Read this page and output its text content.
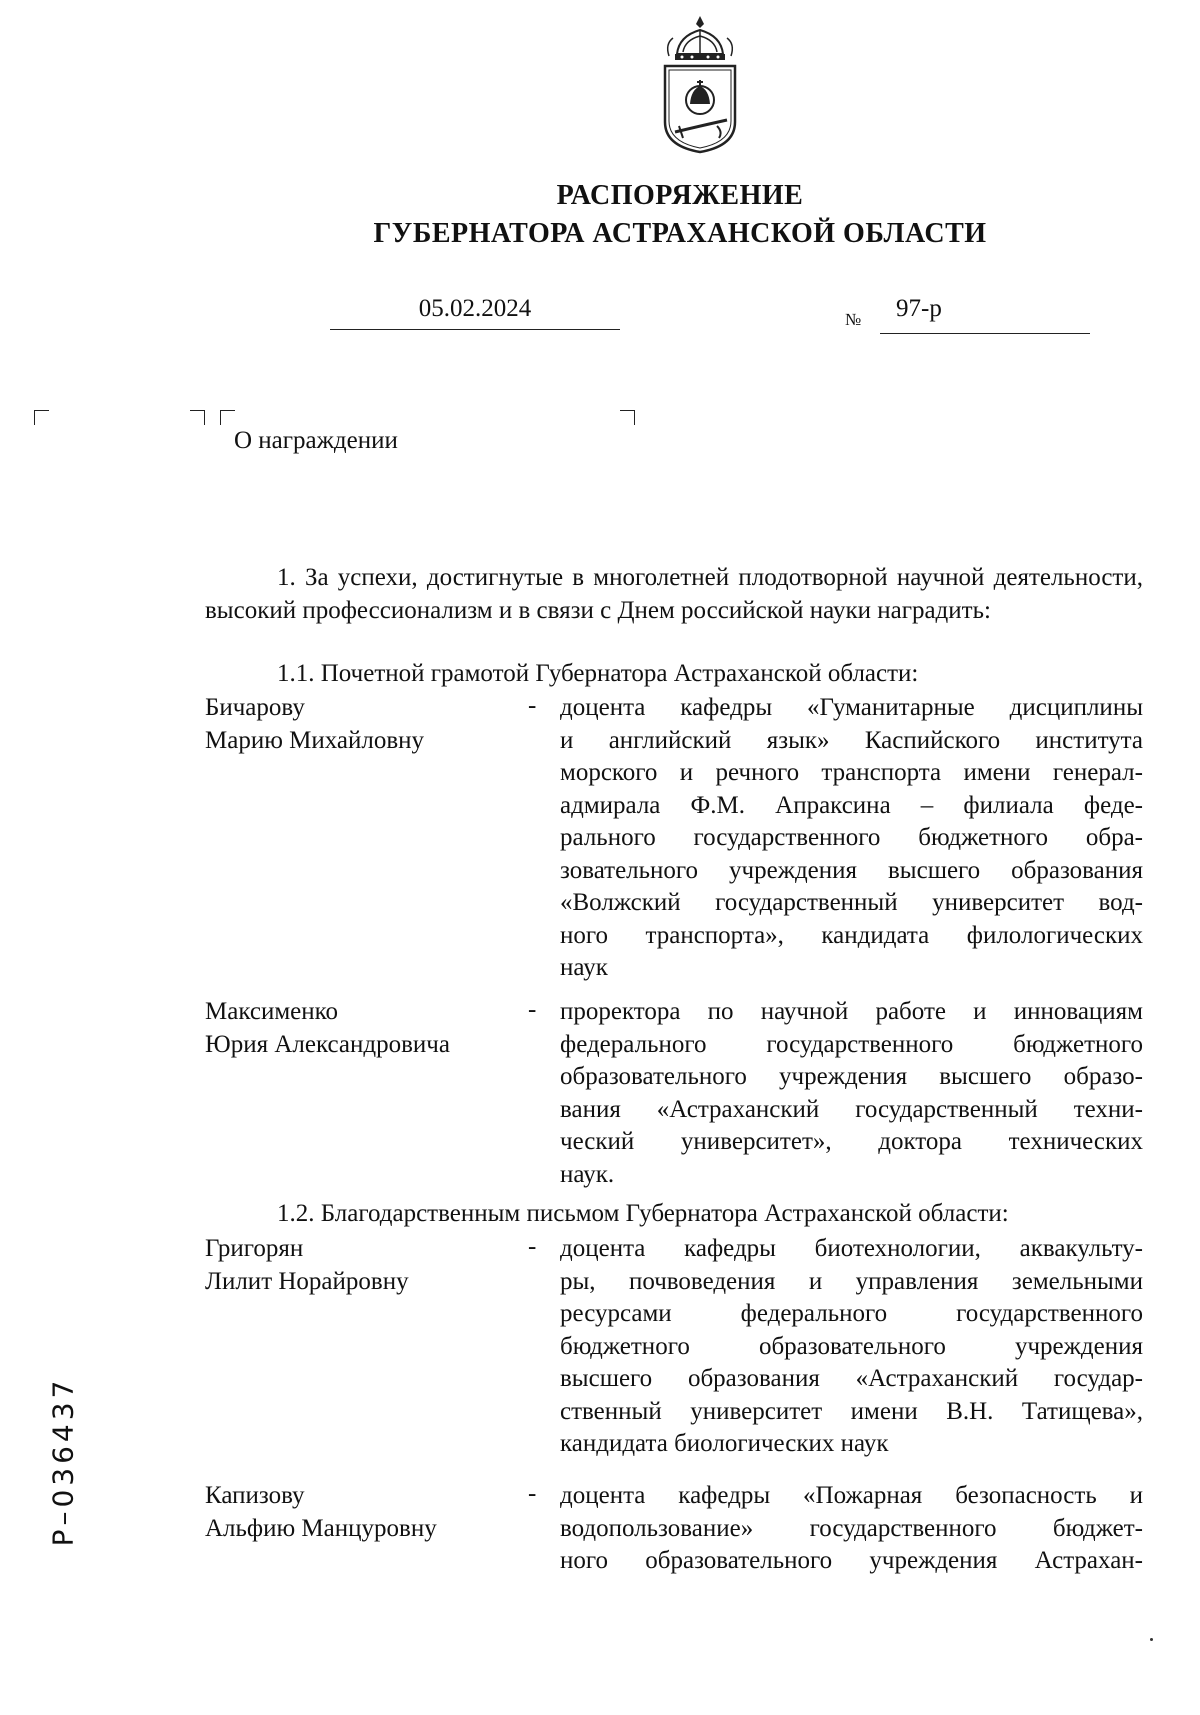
РАСПОРЯЖЕНИЕ
ГУБЕРНАТОРА АСТРАХАНСКОЙ ОБЛАСТИ
05.02.2024	№	97-р
О награждении
1. За успехи, достигнутые в многолетней плодотворной научной деятельности, высокий профессионализм и в связи с Днем российской науки наградить:
1.1. Почетной грамотой Губернатора Астраханской области:
Бичарову
Марию Михайловну
- доцента кафедры «Гуманитарные дисциплины
и английский язык» Каспийского института
морского и речного транспорта имени генерал-
адмирала Ф.М. Апраксина – филиала феде-
рального государственного бюджетного обра-
зовательного учреждения высшего образования
«Волжский государственный университет вод-
ного транспорта», кандидата филологических
наук
Максименко
Юрия Александровича
- проректора по научной работе и инновациям
федерального государственного бюджетного
образовательного учреждения высшего образо-
вания «Астраханский государственный техни-
ческий университет», доктора технических
наук.
1.2. Благодарственным письмом Губернатора Астраханской области:
Григорян
Лилит Норайровну
- доцента кафедры биотехнологии, аквакульту-
ры, почвоведения и управления земельными
ресурсами федерального государственного
бюджетного образовательного учреждения
высшего образования «Астраханский государ-
ственный университет имени В.Н. Татищева»,
кандидата биологических наук
Капизову
Альфию Манцуровну
- доцента кафедры «Пожарная безопасность и
водопользование» государственного бюджет-
ного образовательного учреждения Астрахан-
Р–036437
